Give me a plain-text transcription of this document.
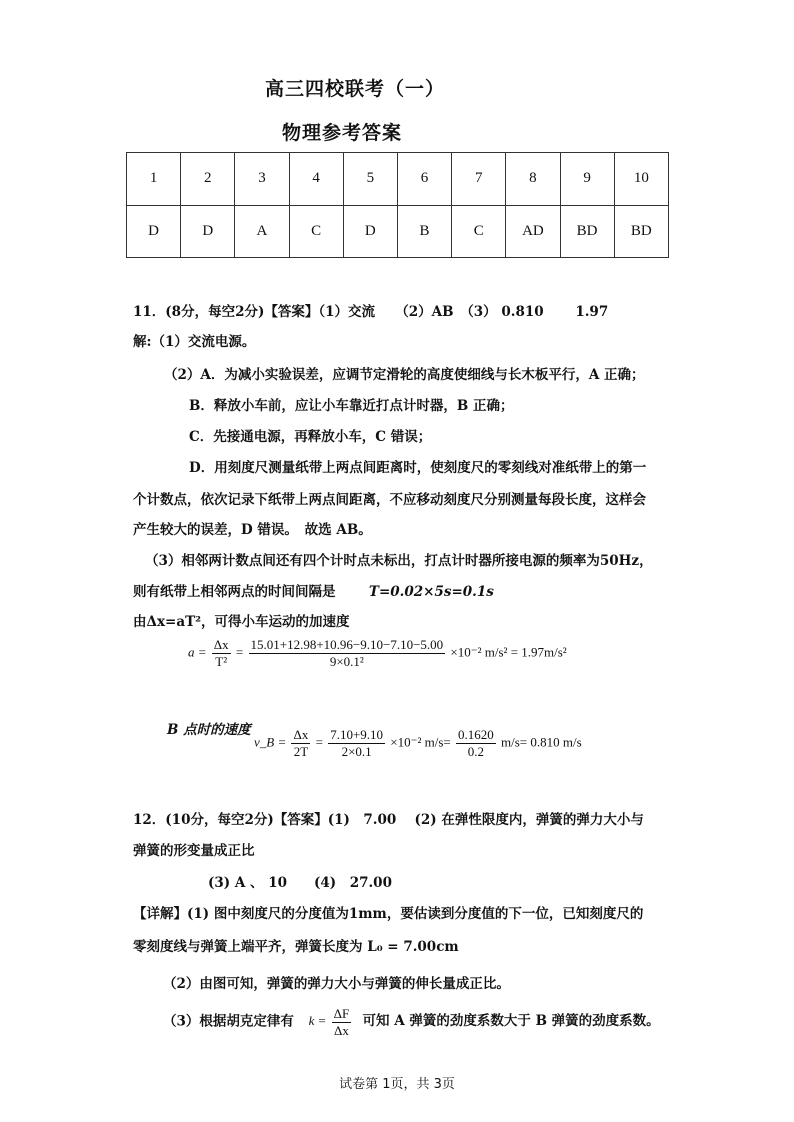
高三四校联考（一）
物理参考答案
1	2	3	4	5	6	7	8	9	10
D	D	A	C	D	B	C	AD	BD	BD
11．(8分，每空2分)【答案】（1）交流　　（2）AB　（3） 0.810　　 1.97
解:（1）交流电源。
（2）A．为减小实验误差，应调节定滑轮的高度使细线与长木板平行，A 正确；
B．释放小车前，应让小车靠近打点计时器，B 正确；
C．先接通电源，再释放小车，C 错误；
D．用刻度尺测量纸带上两点间距离时，使刻度尺的零刻线对准纸带上的第一
个计数点，依次记录下纸带上两点间距离，不应移动刻度尺分别测量每段长度，这样会
产生较大的误差，D 错误。　故选 AB。
（3）相邻两计数点间还有四个计时点未标出，打点计时器所接电源的频率为50Hz，
则有纸带上相邻两点的时间间隔是 T=0.02×5s=0.1s
由Δx=aT²，可得小车运动的加速度
$a = \frac{\Delta x}{\text{T²}} = \frac{15.01+12.98+10.96-9.10-7.10-5.00}{\text{9×0.1²}} \times 10^{-2}$ m/s² = 1.97m/s²
B 点时的速度
v_B = $\frac{\Delta x}{2T} = \frac{7.10+9.10}{2\times 0.1} \times 10^{-2}$ $m/s= \frac{0.1620}{0.2} m/s= 0.810$ m/s
12．(10分，每空2分)【答案】(1)　7.00　 (2) 在弹性限度内，弹簧的弹力大小与
弹簧的形变量成正比
(3) A 、 10　　(4)　27.00
【详解】(1) 图中刻度尺的分度值为1mm，要估读到分度值的下一位，已知刻度尺的
零刻度线与弹簧上端平齐，弹簧长度为 L₀ = 7.00cm
（2）由图可知，弹簧的弹力大小与弹簧的伸长量成正比。
（3）根据胡克定律有 $k = \frac{\Delta F}{\Delta x}$ 可知 A 弹簧的劲度系数大于 B 弹簧的劲度系数。
试卷第 1页，共 3页
